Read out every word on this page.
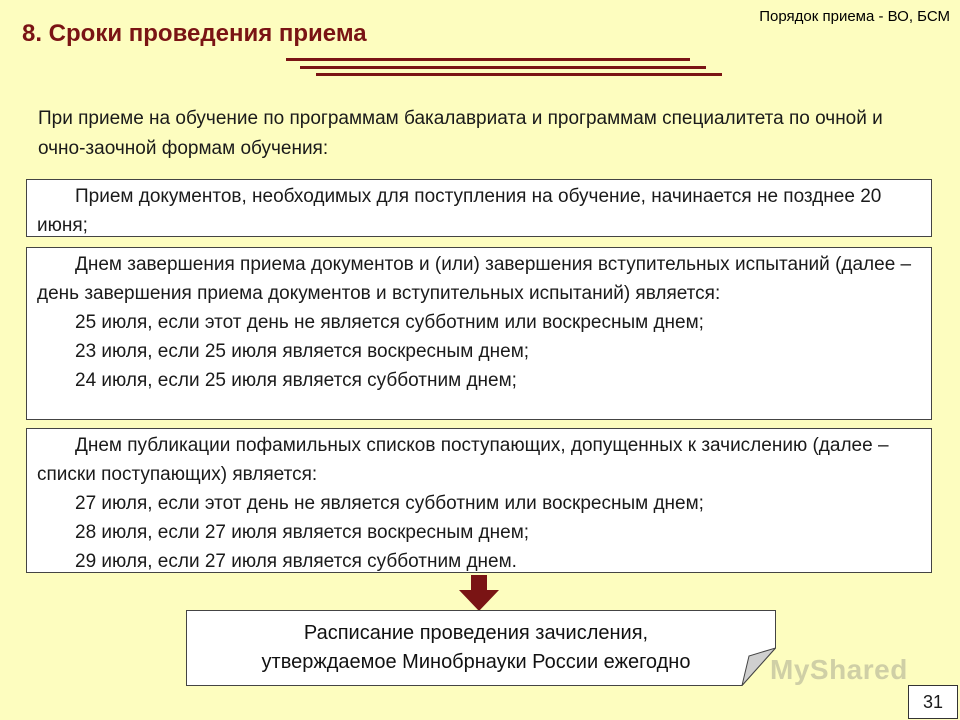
Порядок приема - ВО, БСМ
8. Сроки проведения приема
При приеме на обучение по программам бакалавриата и программам специалитета по очной и очно-заочной формам обучения:

Прием документов, необходимых для поступления на обучение, начинается не позднее 20 июня;

Днем завершения приема документов и (или) завершения вступительных испытаний (далее – день завершения приема документов и вступительных испытаний) является:

25 июля, если этот день не является субботним или воскресным днем;

23 июля, если 25 июля является воскресным днем;

24 июля, если 25 июля является субботним днем;

Днем публикации пофамильных списков поступающих, допущенных к зачислению (далее – списки поступающих) является:

27 июля, если этот день не является субботним или воскресным днем;

28 июля, если 27 июля является воскресным днем;

29 июля, если 27 июля является субботним днем.

Расписание проведения зачисления,
утверждаемое Минобрнауки России ежегодно	MyShared
31
